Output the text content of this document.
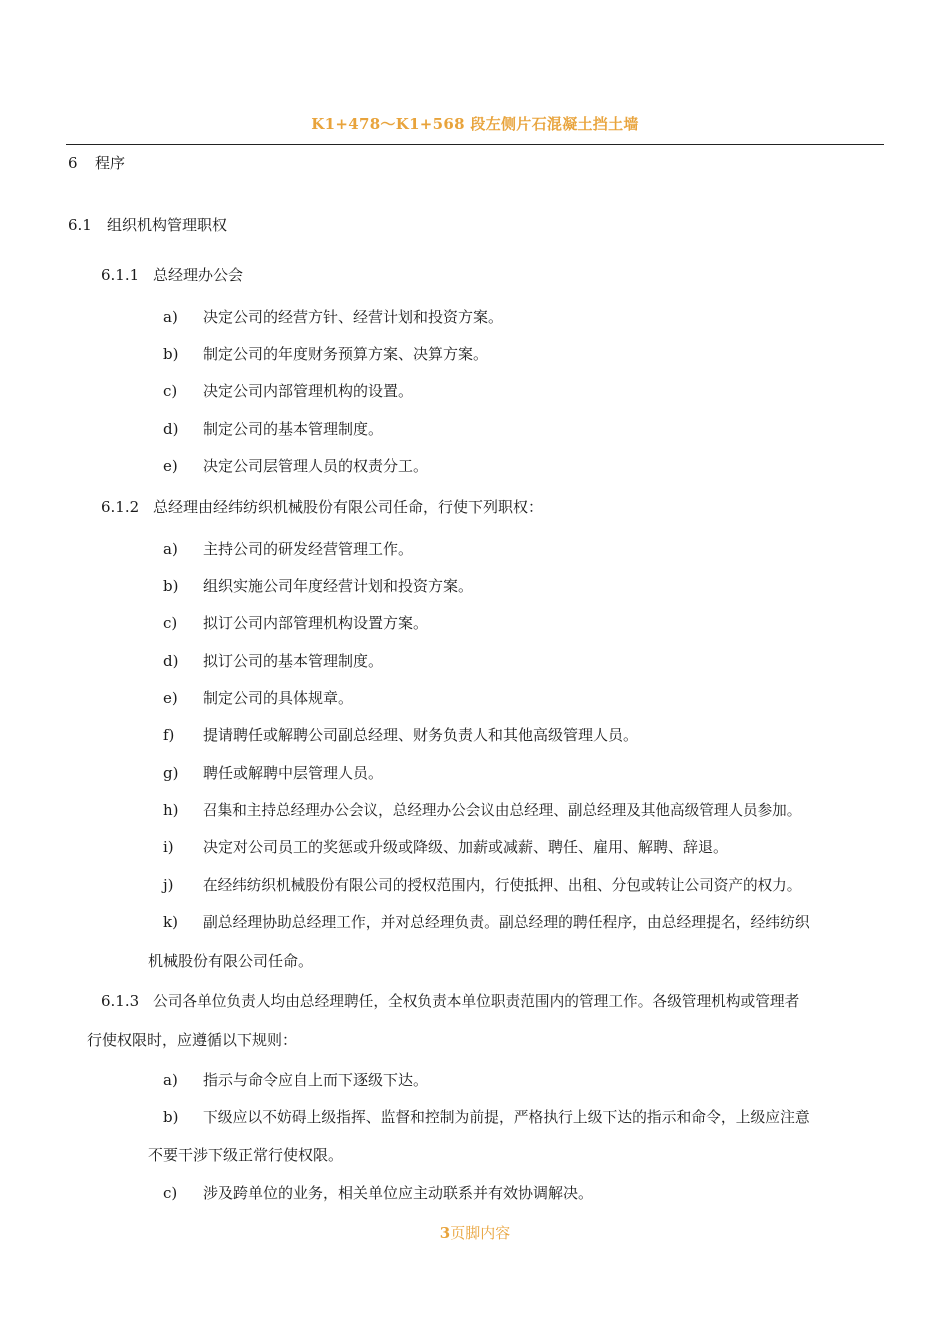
K1+478～K1+568 段左侧片石混凝土挡土墙
6 程序
6.1 组织机构管理职权
6.1.1 总经理办公会
a) 决定公司的经营方针、经营计划和投资方案。
b) 制定公司的年度财务预算方案、决算方案。
c) 决定公司内部管理机构的设置。
d) 制定公司的基本管理制度。
e) 决定公司层管理人员的权责分工。
6.1.2 总经理由经纬纺织机械股份有限公司任命，行使下列职权：
a) 主持公司的研发经营管理工作。
b) 组织实施公司年度经营计划和投资方案。
c) 拟订公司内部管理机构设置方案。
d) 拟订公司的基本管理制度。
e) 制定公司的具体规章。
f) 提请聘任或解聘公司副总经理、财务负责人和其他高级管理人员。
g) 聘任或解聘中层管理人员。
h) 召集和主持总经理办公会议，总经理办公会议由总经理、副总经理及其他高级管理人员参加。
i) 决定对公司员工的奖惩或升级或降级、加薪或减薪、聘任、雇用、解聘、辞退。
j) 在经纬纺织机械股份有限公司的授权范围内，行使抵押、出租、分包或转让公司资产的权力。
k) 副总经理协助总经理工作，并对总经理负责。副总经理的聘任程序，由总经理提名，经纬纺织
机械股份有限公司任命。
6.1.3 公司各单位负责人均由总经理聘任，全权负责本单位职责范围内的管理工作。各级管理机构或管理者
行使权限时，应遵循以下规则：
a) 指示与命令应自上而下逐级下达。
b) 下级应以不妨碍上级指挥、监督和控制为前提，严格执行上级下达的指示和命令，上级应注意
不要干涉下级正常行使权限。
c) 涉及跨单位的业务，相关单位应主动联系并有效协调解决。
3页脚内容
